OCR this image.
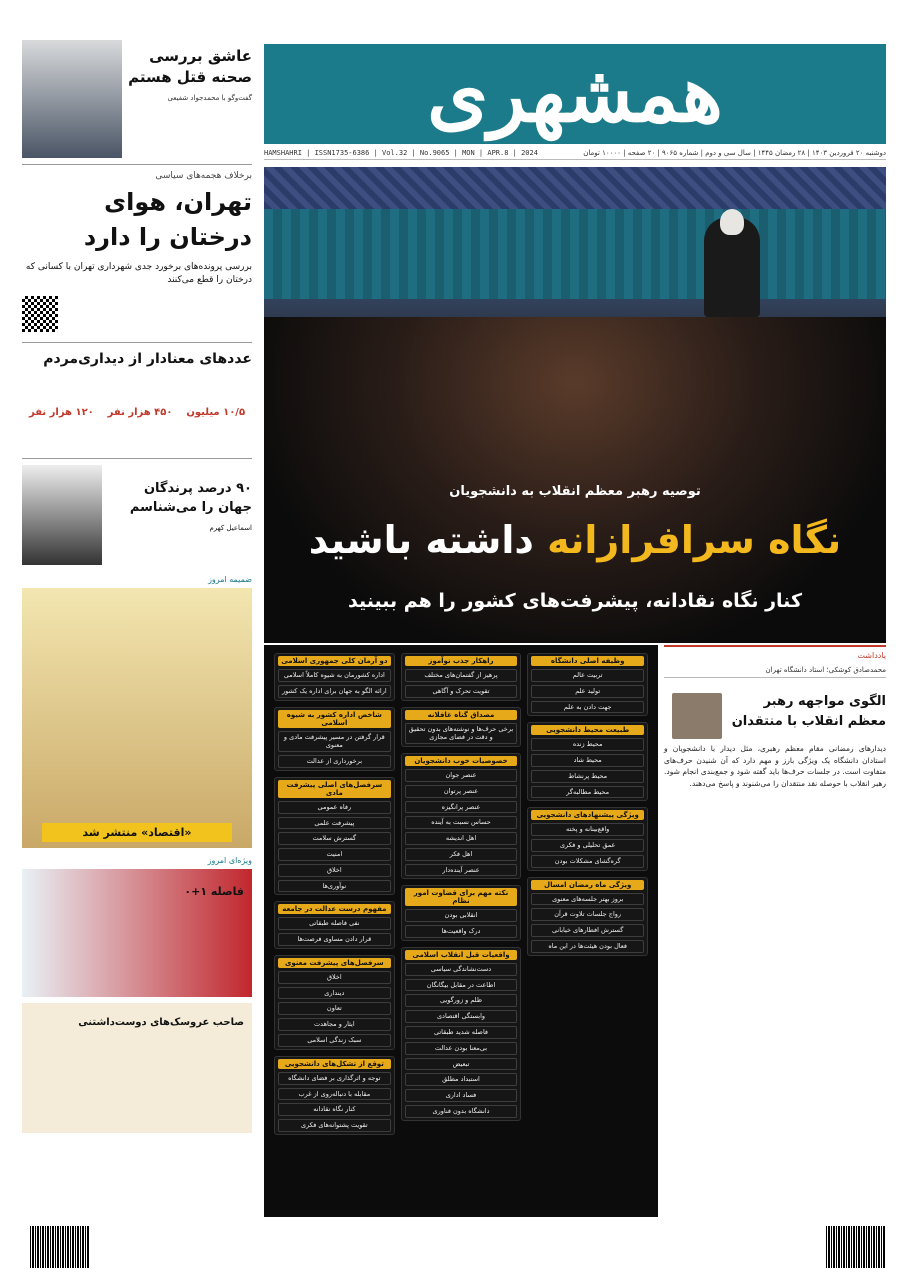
عاشق بررسی صحنه قتل هستم
گفت‌وگو با محمدجواد شفیعی
برخلاف هجمه‌های سیاسی
تهران، هوای درختان را دارد
بررسی پرونده‌های برخورد جدی شهرداری تهران با کسانی که درختان را قطع می‌کنند
عددهای معنادار از دیداری‌مردم
۱۰/۵ میلیون
۴۵۰ هزار نفر
۱۲۰ هزار نفر
۹۰ درصد پرندگان جهان را می‌شناسم
اسماعیل کهرم
ضمیمه امروز
«اقتصاد» منتشر شد
ویژه‌ای امروز
فاصله ۱+۰
صاحب عروسک‌های دوست‌داشتنی
همشهری
دوشنبه ۲۰ فروردین ۱۴۰۳ | ۲۸ رمضان ۱۴۴۵ | سال سی و دوم | شماره ۹۰۶۵ | ۲۰ صفحه | ۱۰۰۰۰ تومان
HAMSHAHRI | ISSN1735-6386 | Vol.32 | No.9065 | MON | APR.8 | 2024
توصیه رهبر معظم انقلاب به دانشجویان
نگاه سرافرازانه داشته باشید
کنار نگاه نقادانه، پیشرفت‌های کشور را هم ببینید
وظیفه اصلی دانشگاه
تربیت عالم
تولید علم
جهت دادن به علم
طبیعت محیط دانشجویی
محیط زنده
محیط شاد
محیط پرنشاط
محیط مطالبه‌گر
ویژگی پیشنهادهای دانشجویی
واقع‌بینانه و پخته
عمق تحلیلی و فکری
گره‌گشای مشکلات بودن
ویژگی ماه رمضان امسال
بروز بهتر جلسه‌های معنوی
رواج جلسات تلاوت قرآن
گسترش افطارهای خیابانی
فعال بودن هیئت‌ها در این ماه
راهکار جذب نوآموز
پرهیز از گفتمان‌های مختلف
تقویت تحرک و آگاهی
مصداق گناه غافلانه
برخی حرف‌ها و نوشته‌های بدون تحقیق و دقت در فضای مجازی
خصوصیات خوب دانشجویان
عنصر جوان
عنصر پرتوان
عنصر پرانگیزه
حساس نسبت به آینده
اهل اندیشه
اهل فکر
عنصر آینده‌دار
نکته مهم برای قضاوت امور نظام
انقلابی بودن
درک واقعیت‌ها
واقعیات قبل انقلاب اسلامی
دست‌نشاندگی سیاسی
اطاعت در مقابل بیگانگان
ظلم و زورگویی
وابستگی اقتصادی
فاصله شدید طبقاتی
بی‌معنا بودن عدالت
تبعیض
استبداد مطلق
فساد اداری
دانشگاه بدون فناوری
دو آرمان کلی جمهوری اسلامی
اداره کشورمان به شیوه کاملاً اسلامی
ارائه الگو به جهان برای اداره یک کشور
شاخص اداره کشور به شیوه اسلامی
قرار گرفتن در مسیر پیشرفت مادی و معنوی
برخورداری از عدالت
سرفصل‌های اصلی پیشرفت مادی
رفاه عمومی
پیشرفت علمی
گسترش سلامت
امنیت
اخلاق
نوآوری‌ها
مفهوم درست عدالت در جامعه
نفی فاصله طبقاتی
قرار دادن مساوی فرصت‌ها
سرفصل‌های پیشرفت معنوی
اخلاق
دینداری
تعاون
ایثار و مجاهدت
سبک زندگی اسلامی
توقع از تشکل‌های دانشجویی
توجه و اثرگذاری بر فضای دانشگاه
مقابله با دنباله‌روی از غرب
کنار نگاه نقادانه
تقویت پشتوانه‌های فکری
یادداشت
محمدصادق کوشکی؛ استاد دانشگاه تهران
الگوی مواجهه رهبر معظم انقلاب با منتقدان
دیدارهای رمضانی مقام معظم رهبری، مثل دیدار با دانشجویان و استادان دانشگاه یک ویژگی بارز و مهم دارد که آن شنیدن حرف‌های متفاوت است. در جلسات حرف‌ها باید گفته شود و جمع‌بندی انجام شود. رهبر انقلاب با حوصله نقد منتقدان را می‌شنوند و پاسخ می‌دهند.
